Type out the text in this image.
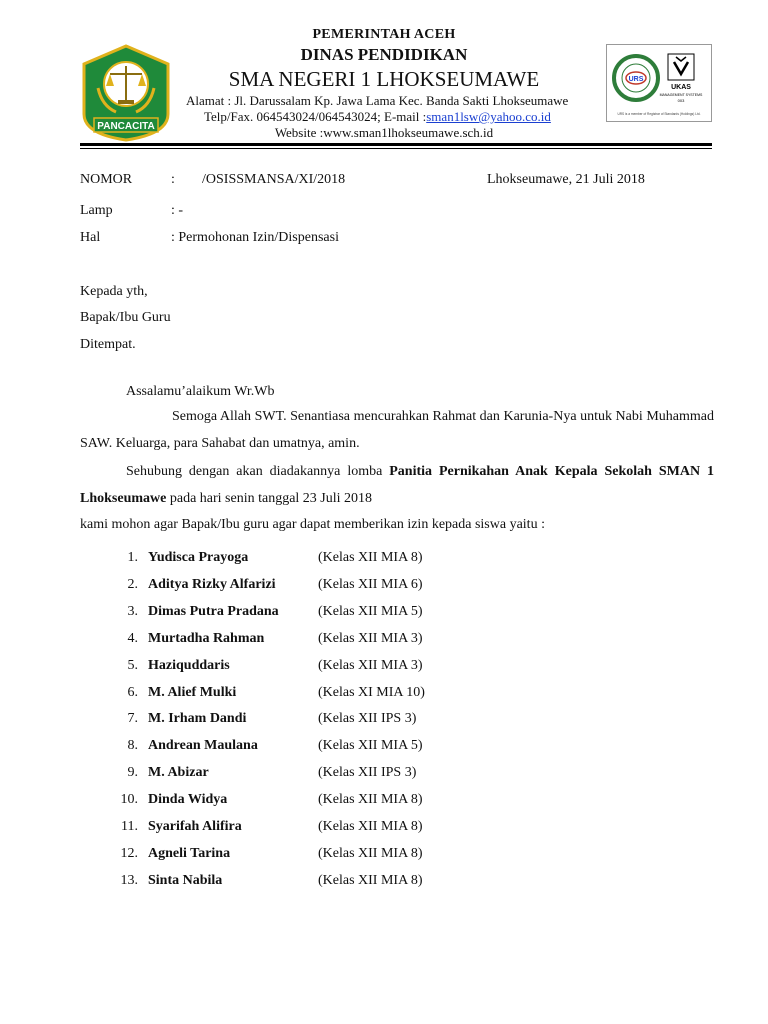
PANCACITA
URS
UKAS
MANAGEMENT SYSTEMS
003
URS is a member of Registrar of Standards (Holdings) Ltd.
PEMERINTAH ACEH
DINAS PENDIDIKAN
SMA NEGERI 1 LHOKSEUMAWE
Alamat : Jl. Darussalam Kp. Jawa Lama Kec. Banda Sakti Lhokseumawe
Telp/Fax. 064543024/064543024; E-mail :sman1lsw@yahoo.co.id
Website :www.sman1lhokseumawe.sch.id
NOMOR	: /OSISSMANSA/XI/2018	Lhokseumawe, 21 Juli 2018
Lamp	: -
Hal	: Permohonan Izin/Dispensasi
Kepada yth,
Bapak/Ibu Guru
Ditempat.
Assalamu’alaikum Wr.Wb
Semoga Allah SWT. Senantiasa mencurahkan Rahmat dan Karunia-Nya untuk Nabi Muhammad SAW. Keluarga, para Sahabat dan umatnya, amin.
Sehubung dengan akan diadakannya lomba Panitia Pernikahan Anak Kepala Sekolah SMAN 1 Lhokseumawe pada hari senin tanggal 23 Juli 2018
kami mohon agar Bapak/Ibu guru agar dapat memberikan izin kepada siswa yaitu :
1. Yudisca Prayoga	(Kelas XII MIA 8)
2. Aditya Rizky Alfarizi	(Kelas XII MIA 6)
3. Dimas Putra Pradana	(Kelas XII MIA 5)
4. Murtadha Rahman	(Kelas XII MIA 3)
5. Haziquddaris	(Kelas XII MIA 3)
6. M. Alief Mulki	(Kelas XI MIA 10)
7. M. Irham Dandi	(Kelas XII IPS 3)
8. Andrean Maulana	(Kelas XII MIA 5)
9. M. Abizar	(Kelas XII IPS 3)
10. Dinda Widya	(Kelas XII MIA 8)
11. Syarifah Alifira	(Kelas XII MIA 8)
12. Agneli Tarina	(Kelas XII MIA 8)
13. Sinta Nabila	(Kelas XII MIA 8)
